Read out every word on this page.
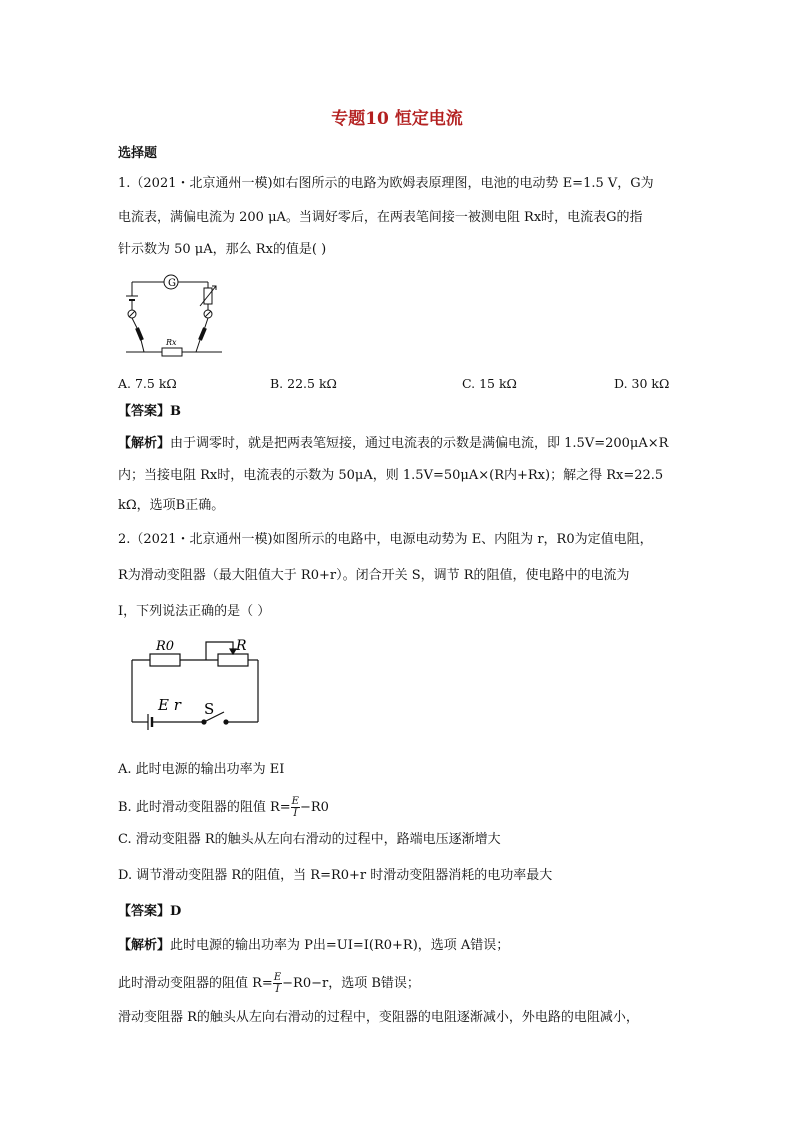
专题10 恒定电流
选择题
1.（2021・北京通州一模)如右图所示的电路为欧姆表原理图，电池的电动势 E=1.5 V，G为
电流表，满偏电流为 200 μA。当调好零后，在两表笔间接一被测电阻 Rx时，电流表G的指
针示数为 50 μA，那么 Rx的值是( )
G
Rx
A. 7.5 kΩ	B. 22.5 kΩ	C. 15 kΩ	D. 30 kΩ
【答案】B
【解析】由于调零时，就是把两表笔短接，通过电流表的示数是满偏电流，即 1.5V=200μA×R
内；当接电阻 Rx时，电流表的示数为 50μA，则 1.5V=50μA×(R内+Rx)；解之得 Rx=22.5
kΩ，选项B正确。
2.（2021・北京通州一模)如图所示的电路中，电源电动势为 E、内阻为 r，R0为定值电阻，
R为滑动变阻器（最大阻值大于 R0+r）。闭合开关 S，调节 R的阻值，使电路中的电流为
I，下列说法正确的是（ ）
R0	R
E r S
A. 此时电源的输出功率为 EI
B. 此时滑动变阻器的阻值 $R= \frac{E}{I} -R0$
C. 滑动变阻器 R的触头从左向右滑动的过程中，路端电压逐渐增大
D. 调节滑动变阻器 R的阻值，当 R=R0+r 时滑动变阻器消耗的电功率最大
【答案】D
【解析】此时电源的输出功率为 P出=UI=I(R0+R)，选项 A错误；
此时滑动变阻器的阻值 $R= \frac{E}{I} -R0-r$，选项 B错误；
滑动变阻器 R的触头从左向右滑动的过程中，变阻器的电阻逐渐减小，外电路的电阻减小，
